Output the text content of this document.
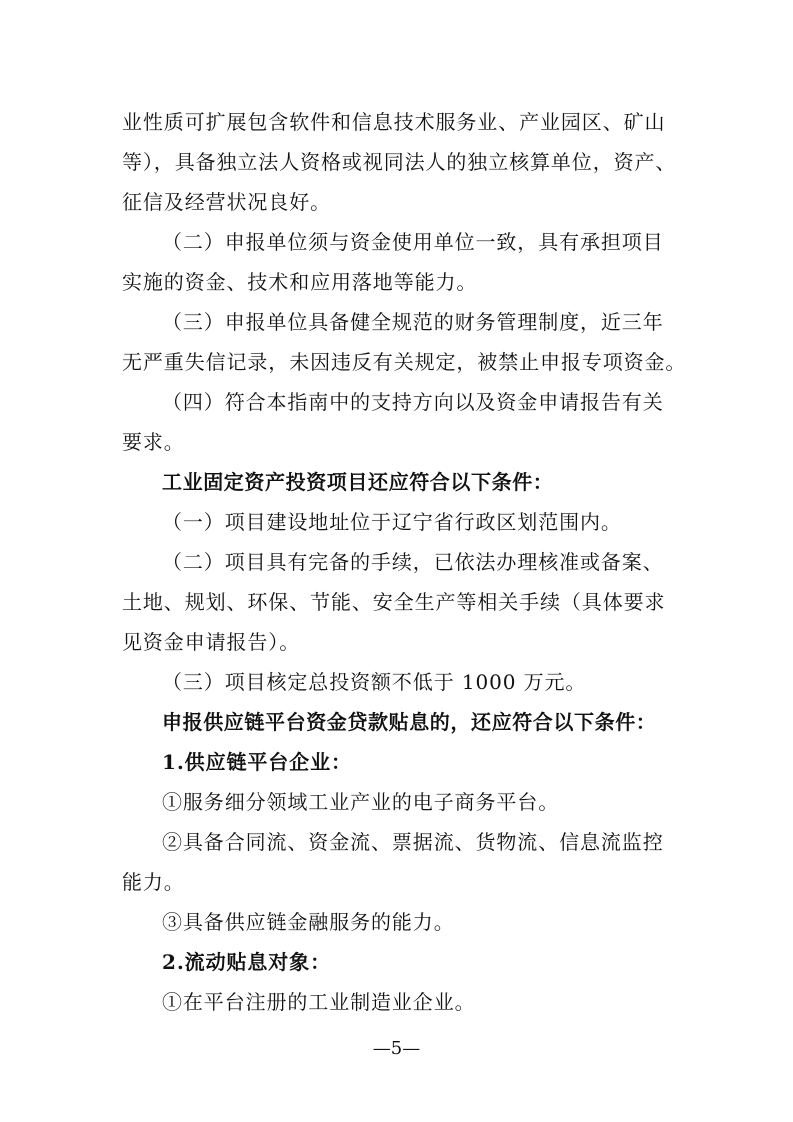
业性质可扩展包含软件和信息技术服务业、产业园区、矿山
等），具备独立法人资格或视同法人的独立核算单位，资产、
征信及经营状况良好。
（二）申报单位须与资金使用单位一致，具有承担项目
实施的资金、技术和应用落地等能力。
（三）申报单位具备健全规范的财务管理制度，近三年
无严重失信记录，未因违反有关规定，被禁止申报专项资金。
（四）符合本指南中的支持方向以及资金申请报告有关
要求。
工业固定资产投资项目还应符合以下条件：
（一）项目建设地址位于辽宁省行政区划范围内。
（二）项目具有完备的手续，已依法办理核准或备案、
土地、规划、环保、节能、安全生产等相关手续（具体要求
见资金申请报告）。
（三）项目核定总投资额不低于 1000 万元。
申报供应链平台资金贷款贴息的，还应符合以下条件：
1.供应链平台企业：
①服务细分领域工业产业的电子商务平台。
②具备合同流、资金流、票据流、货物流、信息流监控
能力。
③具备供应链金融服务的能力。
2.流动贴息对象：
①在平台注册的工业制造业企业。
—5—
